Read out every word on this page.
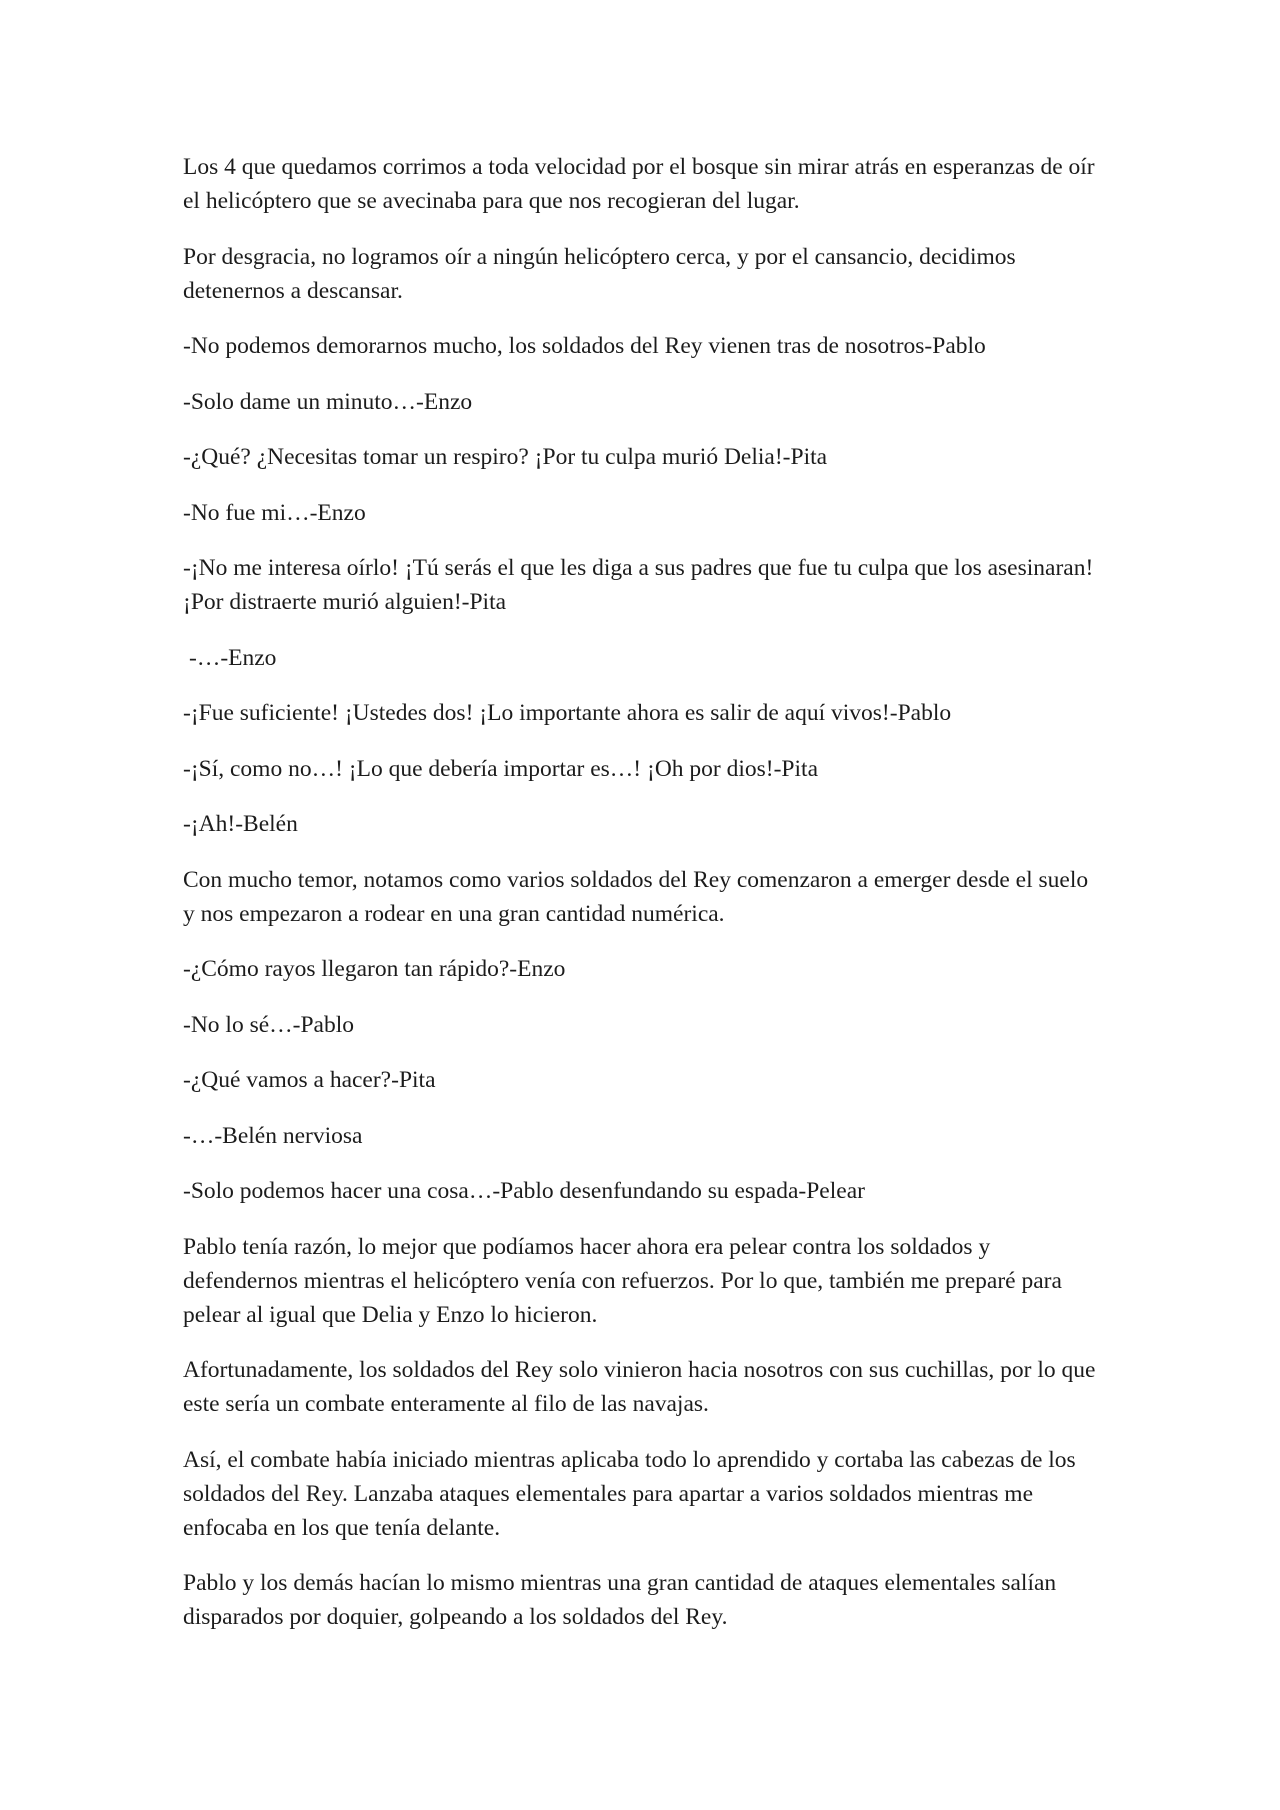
Los 4 que quedamos corrimos a toda velocidad por el bosque sin mirar atrás en esperanzas de oír el helicóptero que se avecinaba para que nos recogieran del lugar.

Por desgracia, no logramos oír a ningún helicóptero cerca, y por el cansancio, decidimos detenernos a descansar.

-No podemos demorarnos mucho, los soldados del Rey vienen tras de nosotros-Pablo

-Solo dame un minuto…-Enzo

-¿Qué? ¿Necesitas tomar un respiro? ¡Por tu culpa murió Delia!-Pita

-No fue mi…-Enzo

-¡No me interesa oírlo! ¡Tú serás el que les diga a sus padres que fue tu culpa que los asesinaran! ¡Por distraerte murió alguien!-Pita

-…-Enzo

-¡Fue suficiente! ¡Ustedes dos! ¡Lo importante ahora es salir de aquí vivos!-Pablo

-¡Sí, como no…! ¡Lo que debería importar es…! ¡Oh por dios!-Pita

-¡Ah!-Belén

Con mucho temor, notamos como varios soldados del Rey comenzaron a emerger desde el suelo y nos empezaron a rodear en una gran cantidad numérica.

-¿Cómo rayos llegaron tan rápido?-Enzo

-No lo sé…-Pablo

-¿Qué vamos a hacer?-Pita

-…-Belén nerviosa

-Solo podemos hacer una cosa…-Pablo desenfundando su espada-Pelear

Pablo tenía razón, lo mejor que podíamos hacer ahora era pelear contra los soldados y defendernos mientras el helicóptero venía con refuerzos. Por lo que, también me preparé para pelear al igual que Delia y Enzo lo hicieron.

Afortunadamente, los soldados del Rey solo vinieron hacia nosotros con sus cuchillas, por lo que este sería un combate enteramente al filo de las navajas.

Así, el combate había iniciado mientras aplicaba todo lo aprendido y cortaba las cabezas de los soldados del Rey. Lanzaba ataques elementales para apartar a varios soldados mientras me enfocaba en los que tenía delante.

Pablo y los demás hacían lo mismo mientras una gran cantidad de ataques elementales salían disparados por doquier, golpeando a los soldados del Rey.
